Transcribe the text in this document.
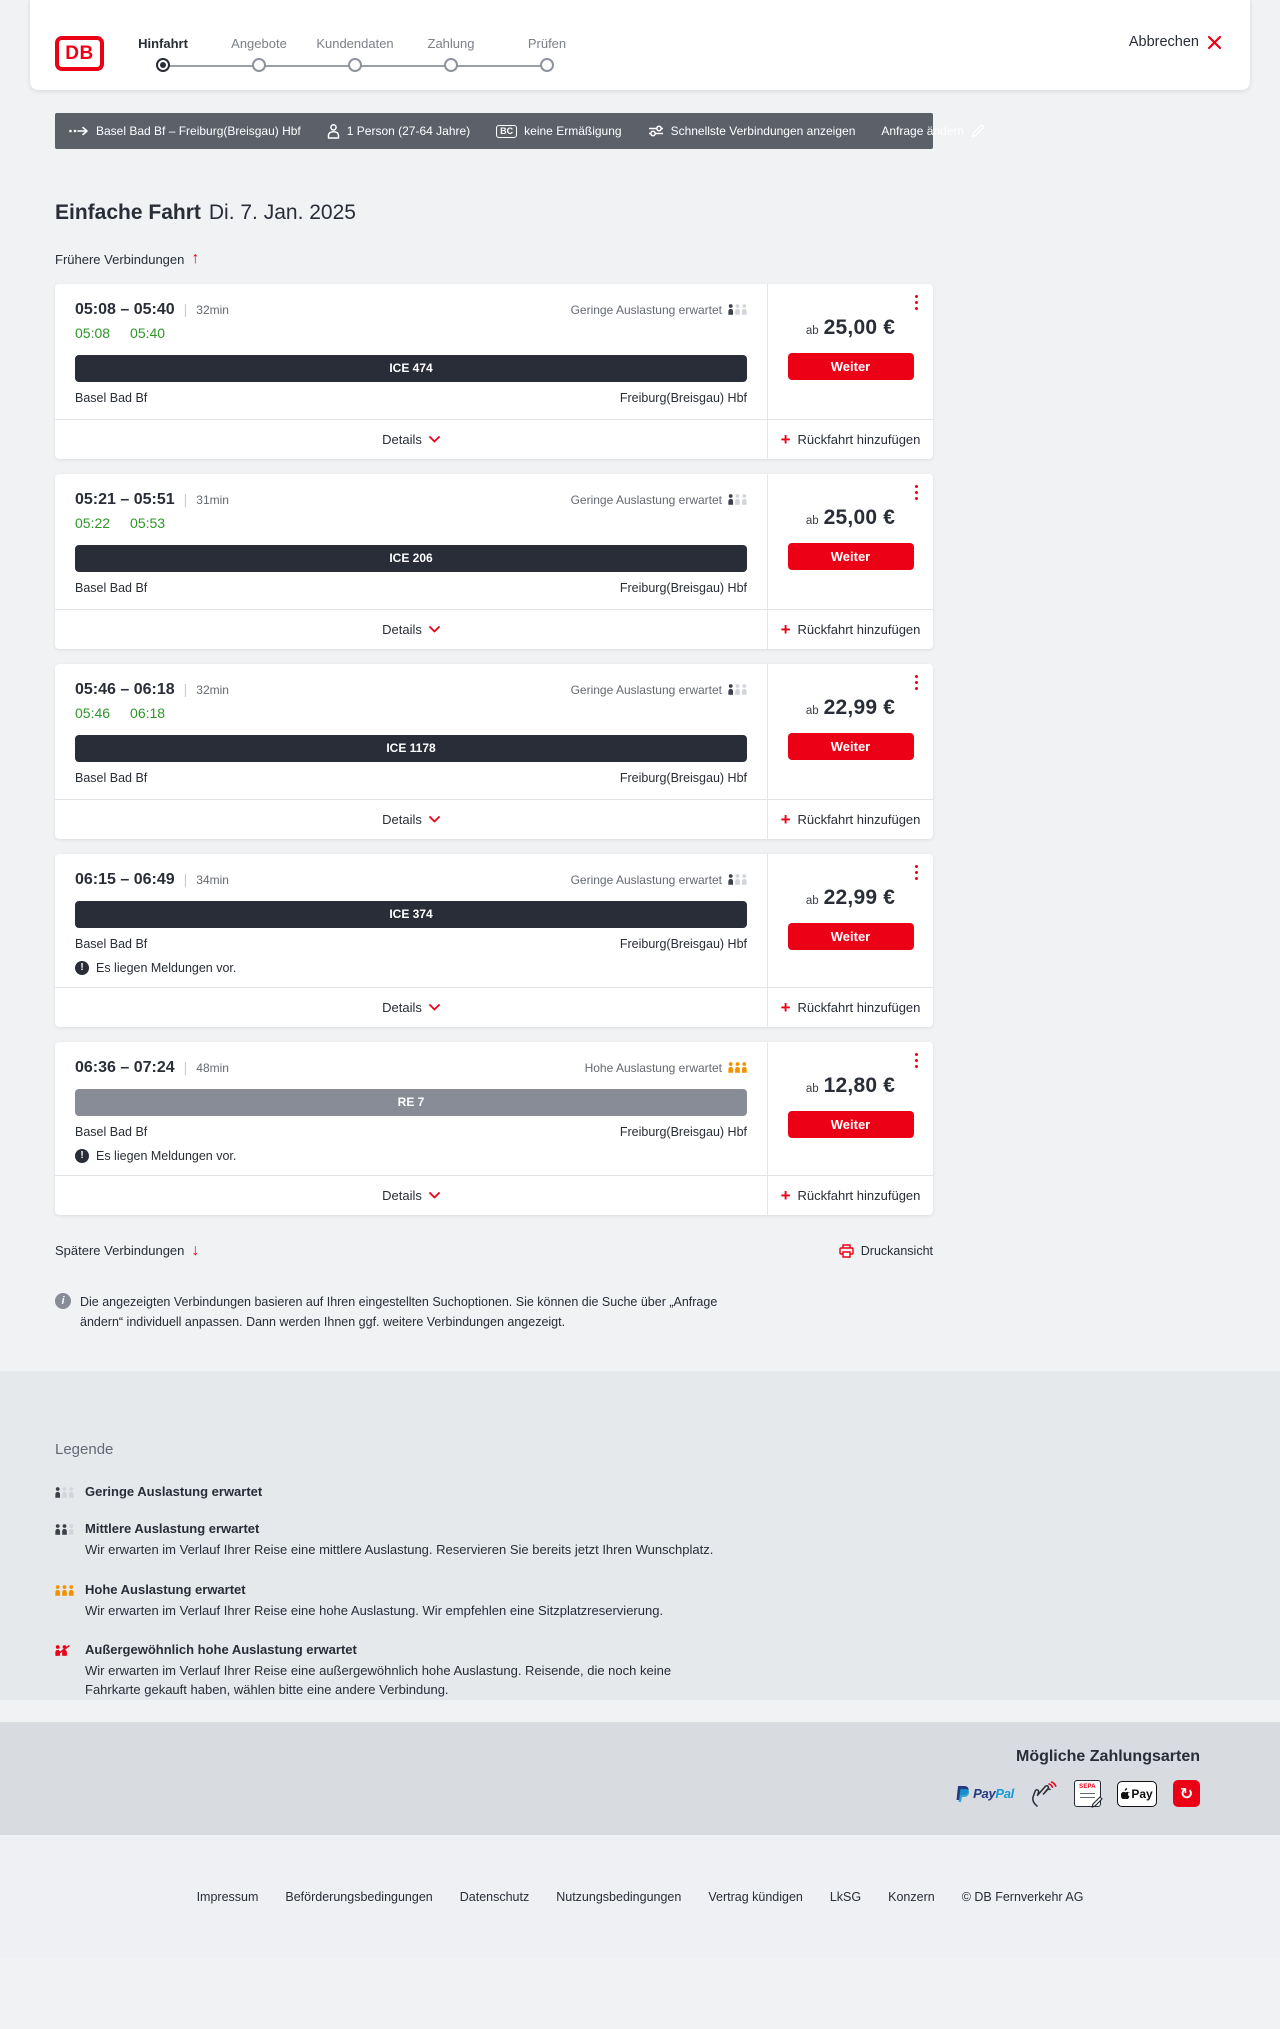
DB	Hinfahrt	Angebote	Kundendaten	Zahlung	Prüfen	Abbrechen
Basel Bad Bf – Freiburg(Breisgau) Hbf	1 Person (27-64 Jahre)	BC keine Ermäßigung	Schnellste Verbindungen anzeigen Anfrage ändern
Einfache Fahrt Di. 7. Jan. 2025
Frühere Verbindungen ↑
05:08 – 05:40 | 32min	Geringe Auslastung erwartet
05:08 05:40
ICE 474
Basel Bad Bf	Freiburg(Breisgau) Hbf
ab 25,00 €
Weiter
Details	+ Rückfahrt hinzufügen
05:21 – 05:51 | 31min	Geringe Auslastung erwartet
05:22 05:53
ICE 206
Basel Bad Bf	Freiburg(Breisgau) Hbf
ab 25,00 €
Weiter
Details	+ Rückfahrt hinzufügen
05:46 – 06:18 | 32min	Geringe Auslastung erwartet
05:46 06:18
ICE 1178
Basel Bad Bf	Freiburg(Breisgau) Hbf
ab 22,99 €
Weiter
Details	+ Rückfahrt hinzufügen
06:15 – 06:49 | 34min	Geringe Auslastung erwartet
ICE 374
Basel Bad Bf	Freiburg(Breisgau) Hbf
! Es liegen Meldungen vor.
ab 22,99 €
Weiter
Details	+ Rückfahrt hinzufügen
06:36 – 07:24 | 48min	Hohe Auslastung erwartet
RE 7
Basel Bad Bf	Freiburg(Breisgau) Hbf
! Es liegen Meldungen vor.
ab 12,80 €
Weiter
Details	+ Rückfahrt hinzufügen
Spätere Verbindungen ↓	Druckansicht
i	Die angezeigten Verbindungen basieren auf Ihren eingestellten Suchoptionen. Sie können die Suche über „Anfrage ändern“ individuell anpassen. Dann werden Ihnen ggf. weitere Verbindungen angezeigt.

Legende
Geringe Auslastung erwartet
Mittlere Auslastung erwartet

Wir erwarten im Verlauf Ihrer Reise eine mittlere Auslastung. Reservieren Sie bereits jetzt Ihren Wunschplatz.

Hohe Auslastung erwartet

Wir erwarten im Verlauf Ihrer Reise eine hohe Auslastung. Wir empfehlen eine Sitzplatzreservierung.

Außergewöhnlich hohe Auslastung erwartet

Wir erwarten im Verlauf Ihrer Reise eine außergewöhnlich hohe Auslastung. Reisende, die noch keine Fahrkarte gekauft haben, wählen bitte eine andere Verbindung.

Mögliche Zahlungsarten
PayPal	SEPA	Pay	↻
Impressum Beförderungsbedingungen Datenschutz Nutzungsbedingungen Vertrag kündigen LkSG Konzern © DB Fernverkehr AG
